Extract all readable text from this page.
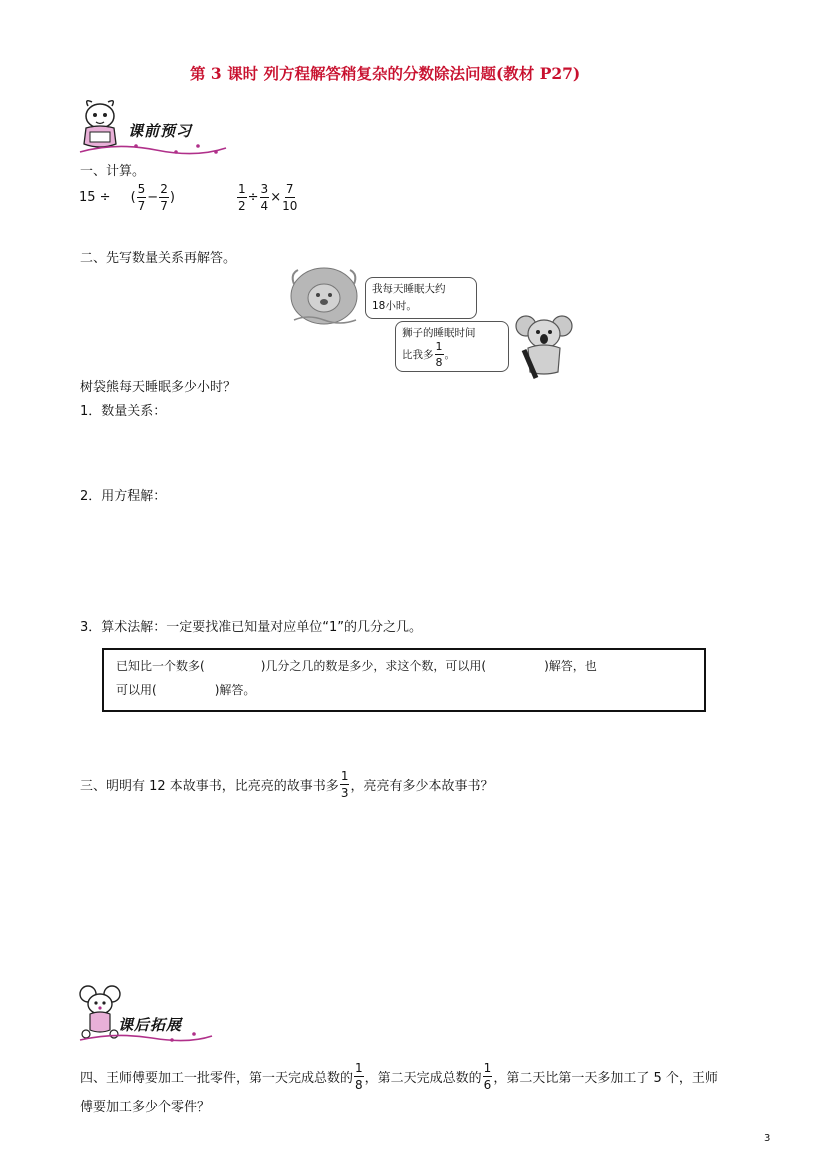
第 3 课时 列方程解答稍复杂的分数除法问题(教材 P27)
课前预习
一、计算。
15 ÷ ( $\frac{5}{7} - \frac{2}{7}$ )	$\frac{1}{2} \div \frac{3}{4} \times \frac{7}{10}$
二、先写数量关系再解答。
我每天睡眠大约
18小时。
狮子的睡眠时间
比我多 $\frac{1}{8}$ 。
树袋熊每天睡眠多少小时？
1．数量关系：
2．用方程解：
3．算术法解：一定要找准已知量对应单位“1”的几分之几。
已知比一个数多(	)几分之几的数是多少，求这个数，可以用(	)解答，也
可以用(	)解答。
三、明明有 12 本故事书，比亮亮的故事书多 $\frac{1}{3}$ ，亮亮有多少本故事书？
课后拓展
四、王师傅要加工一批零件，第一天完成总数的 $\frac{1}{8}$ ，第二天完成总数的 $\frac{1}{6}$ ，第二天比第一天多加工了 5 个，王师
傅要加工多少个零件？
3
